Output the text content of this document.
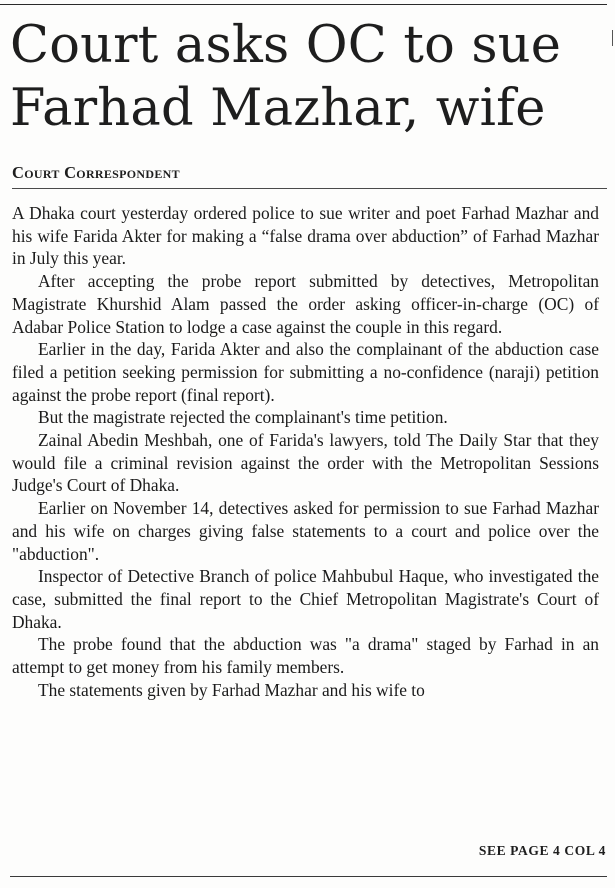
Court asks OC to sue
Farhad Mazhar, wife
Court Correspondent

A Dhaka court yesterday ordered police to sue writer and poet Farhad Mazhar and his wife Farida Akter for making a “false drama over abduction” of Farhad Mazhar in July this year.

After accepting the probe report submitted by detectives, Metropolitan Magistrate Khurshid Alam passed the order asking officer-in-charge (OC) of Adabar Police Station to lodge a case against the couple in this regard.

Earlier in the day, Farida Akter and also the complainant of the abduction case filed a petition seeking permission for submitting a no-confidence (naraji) petition against the probe report (final report).

But the magistrate rejected the complainant's time petition.

Zainal Abedin Meshbah, one of Farida's lawyers, told The Daily Star that they would file a criminal revision against the order with the Metropolitan Sessions Judge's Court of Dhaka.

Earlier on November 14, detectives asked for permission to sue Farhad Mazhar and his wife on charges giving false statements to a court and police over the "abduction".

Inspector of Detective Branch of police Mahbubul Haque, who investigated the case, submitted the final report to the Chief Metropolitan Magistrate's Court of Dhaka.

The probe found that the abduction was "a drama" staged by Farhad in an attempt to get money from his family members.

The statements given by Farhad Mazhar and his wife to

SEE PAGE 4 COL 4
